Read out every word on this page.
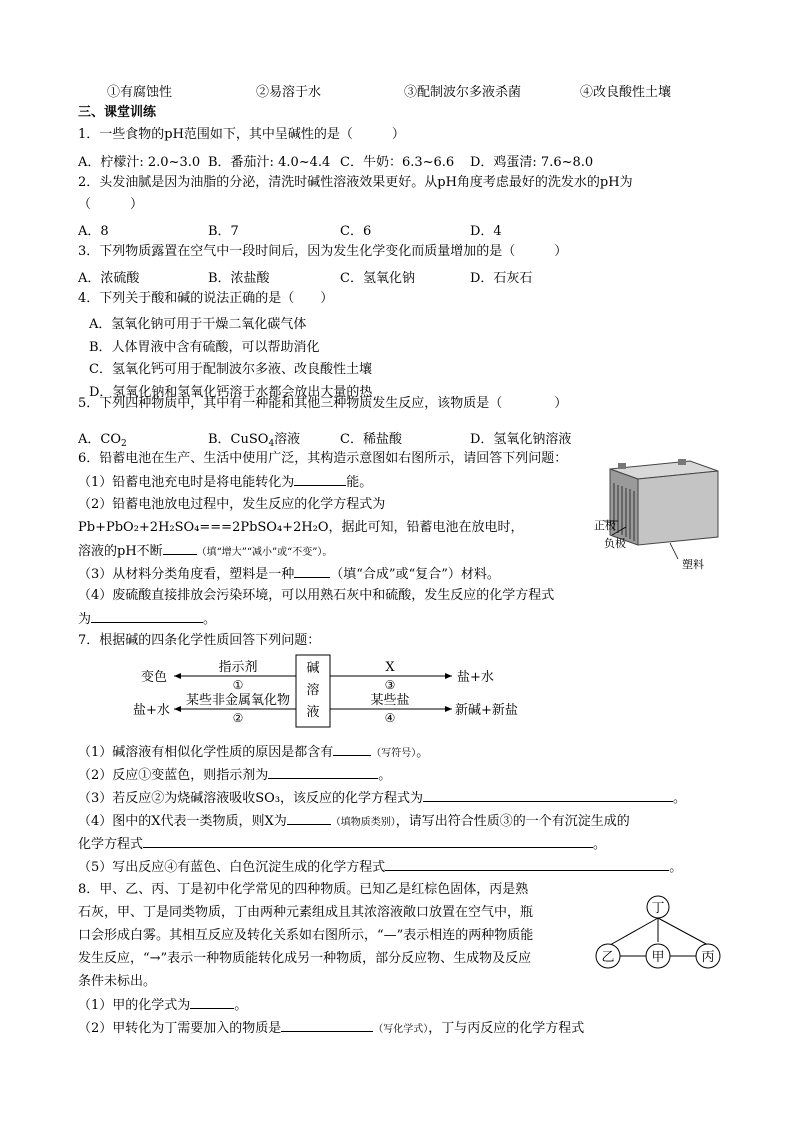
①有腐蚀性	②易溶于水	③配制波尔多液杀菌	④改良酸性土壤
三、课堂训练
1．一些食物的pH范围如下，其中呈碱性的是（　　　）
A．柠檬汁: 2.0~3.0 B．番茄汁: 4.0~4.4 C．牛奶：6.3~6.6 D．鸡蛋清: 7.6~8.0
2．头发油腻是因为油脂的分泌，清洗时碱性溶液效果更好。从pH角度考虑最好的洗发水的pH为
（　　　）
A．8	B．7	C．6	D．4
3．下列物质露置在空气中一段时间后，因为发生化学变化而质量增加的是（　　　）
A．浓硫酸	B．浓盐酸	C．氢氧化钠	D．石灰石
4．下列关于酸和碱的说法正确的是（　　）
A．氢氧化钠可用于干燥二氧化碳气体
B．人体胃液中含有硫酸，可以帮助消化
C．氢氧化钙可用于配制波尔多液、改良酸性土壤
D．氢氧化钠和氢氧化钙溶于水都会放出大量的热
5．下列四种物质中，其中有一种能和其他三种物质发生反应，该物质是（　　　　）
A．$CO_2$	B．CuSO$_4$溶液	C．稀盐酸	D．氢氧化钠溶液
6．铅蓄电池在生产、生活中使用广泛，其构造示意图如右图所示，请回答下列问题：
（1）铅蓄电池充电时是将电能转化为	能。
（2）铅蓄电池放电过程中，发生反应的化学方程式为
Pb+PbO₂+2H₂SO₄===2PbSO₄+2H₂O，据此可知，铅蓄电池在放电时，
溶液的pH不断	（填“增大”“减小”或“不变”）。
（3）从材料分类角度看，塑料是一种	（填“合成”或“复合”）材料。
（4）废硫酸直接排放会污染环境，可以用熟石灰中和硫酸，发生反应的化学方程式
为	。
正极
负极
塑料
7．根据碱的四条化学性质回答下列问题：
碱
溶
液
变色
指示剂
①
盐+水
某些非金属氧化物
②
盐+水
X
③
新碱+新盐
某些盐
④
（1）碱溶液有相似化学性质的原因是都含有	（写符号）。
（2）反应①变蓝色，则指示剂为	。
（3）若反应②为烧碱溶液吸收SO₃，该反应的化学方程式为	。
（4）图中的X代表一类物质，则X为	（填物质类别），请写出符合性质③的一个有沉淀生成的
化学方程式	。
（5）写出反应④有蓝色、白色沉淀生成的化学方程式	。
8．甲、乙、丙、丁是初中化学常见的四种物质。已知乙是红棕色固体，丙是熟
石灰，甲、丁是同类物质，丁由两种元素组成且其浓溶液敞口放置在空气中，瓶
口会形成白雾。其相互反应及转化关系如右图所示，“—”表示相连的两种物质能
发生反应，“→”表示一种物质能转化成另一种物质，部分反应物、生成物及反应
条件未标出。
丁
乙	甲	丙
（1）甲的化学式为	。
（2）甲转化为丁需要加入的物质是	（写化学式），丁与丙反应的化学方程式
